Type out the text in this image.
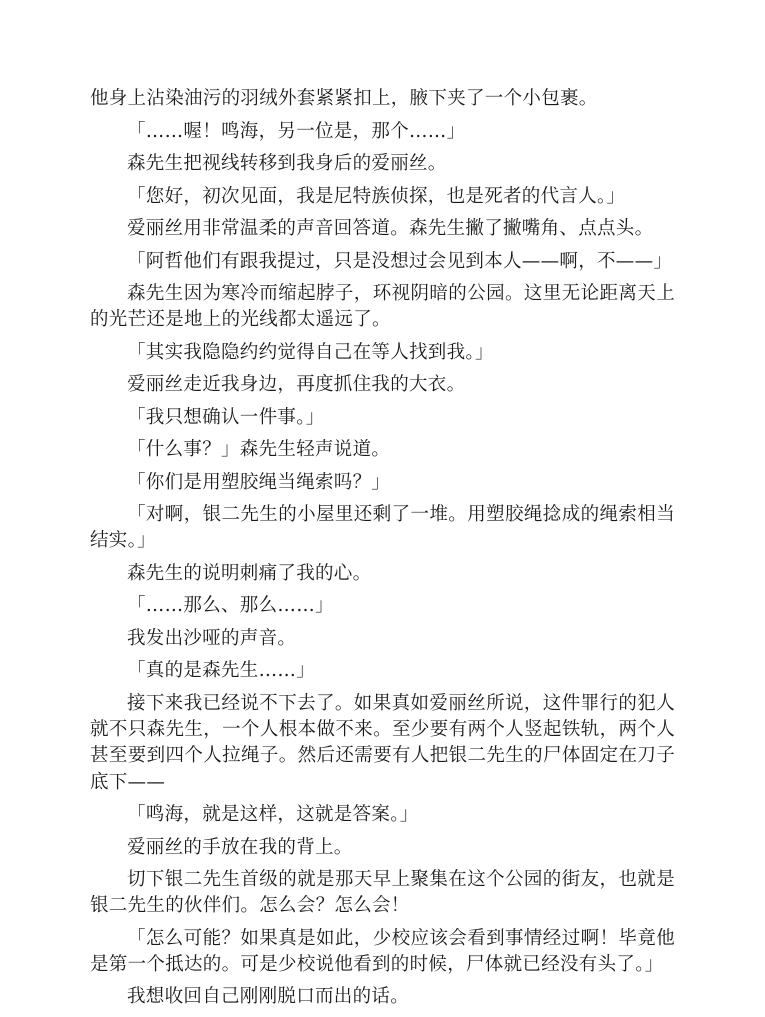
他身上沾染油污的羽绒外套紧紧扣上，腋下夹了一个小包裹。

「……喔！鸣海，另一位是，那个……」

森先生把视线转移到我身后的爱丽丝。

「您好，初次见面，我是尼特族侦探，也是死者的代言人。」

爱丽丝用非常温柔的声音回答道。森先生撇了撇嘴角、点点头。

「阿哲他们有跟我提过，只是没想过会见到本人——啊，不——」

森先生因为寒冷而缩起脖子，环视阴暗的公园。这里无论距离天上的光芒还是地上的光线都太遥远了。

「其实我隐隐约约觉得自己在等人找到我。」

爱丽丝走近我身边，再度抓住我的大衣。

「我只想确认一件事。」

「什么事？」森先生轻声说道。

「你们是用塑胶绳当绳索吗？」

「对啊，银二先生的小屋里还剩了一堆。用塑胶绳捻成的绳索相当结实。」

森先生的说明刺痛了我的心。

「……那么、那么……」

我发出沙哑的声音。

「真的是森先生……」

接下来我已经说不下去了。如果真如爱丽丝所说，这件罪行的犯人就不只森先生，一个人根本做不来。至少要有两个人竖起铁轨，两个人甚至要到四个人拉绳子。然后还需要有人把银二先生的尸体固定在刀子底下——

「鸣海，就是这样，这就是答案。」

爱丽丝的手放在我的背上。

切下银二先生首级的就是那天早上聚集在这个公园的街友，也就是银二先生的伙伴们。怎么会？怎么会！

「怎么可能？如果真是如此，少校应该会看到事情经过啊！毕竟他是第一个抵达的。可是少校说他看到的时候，尸体就已经没有头了。」

我想收回自己刚刚脱口而出的话。
